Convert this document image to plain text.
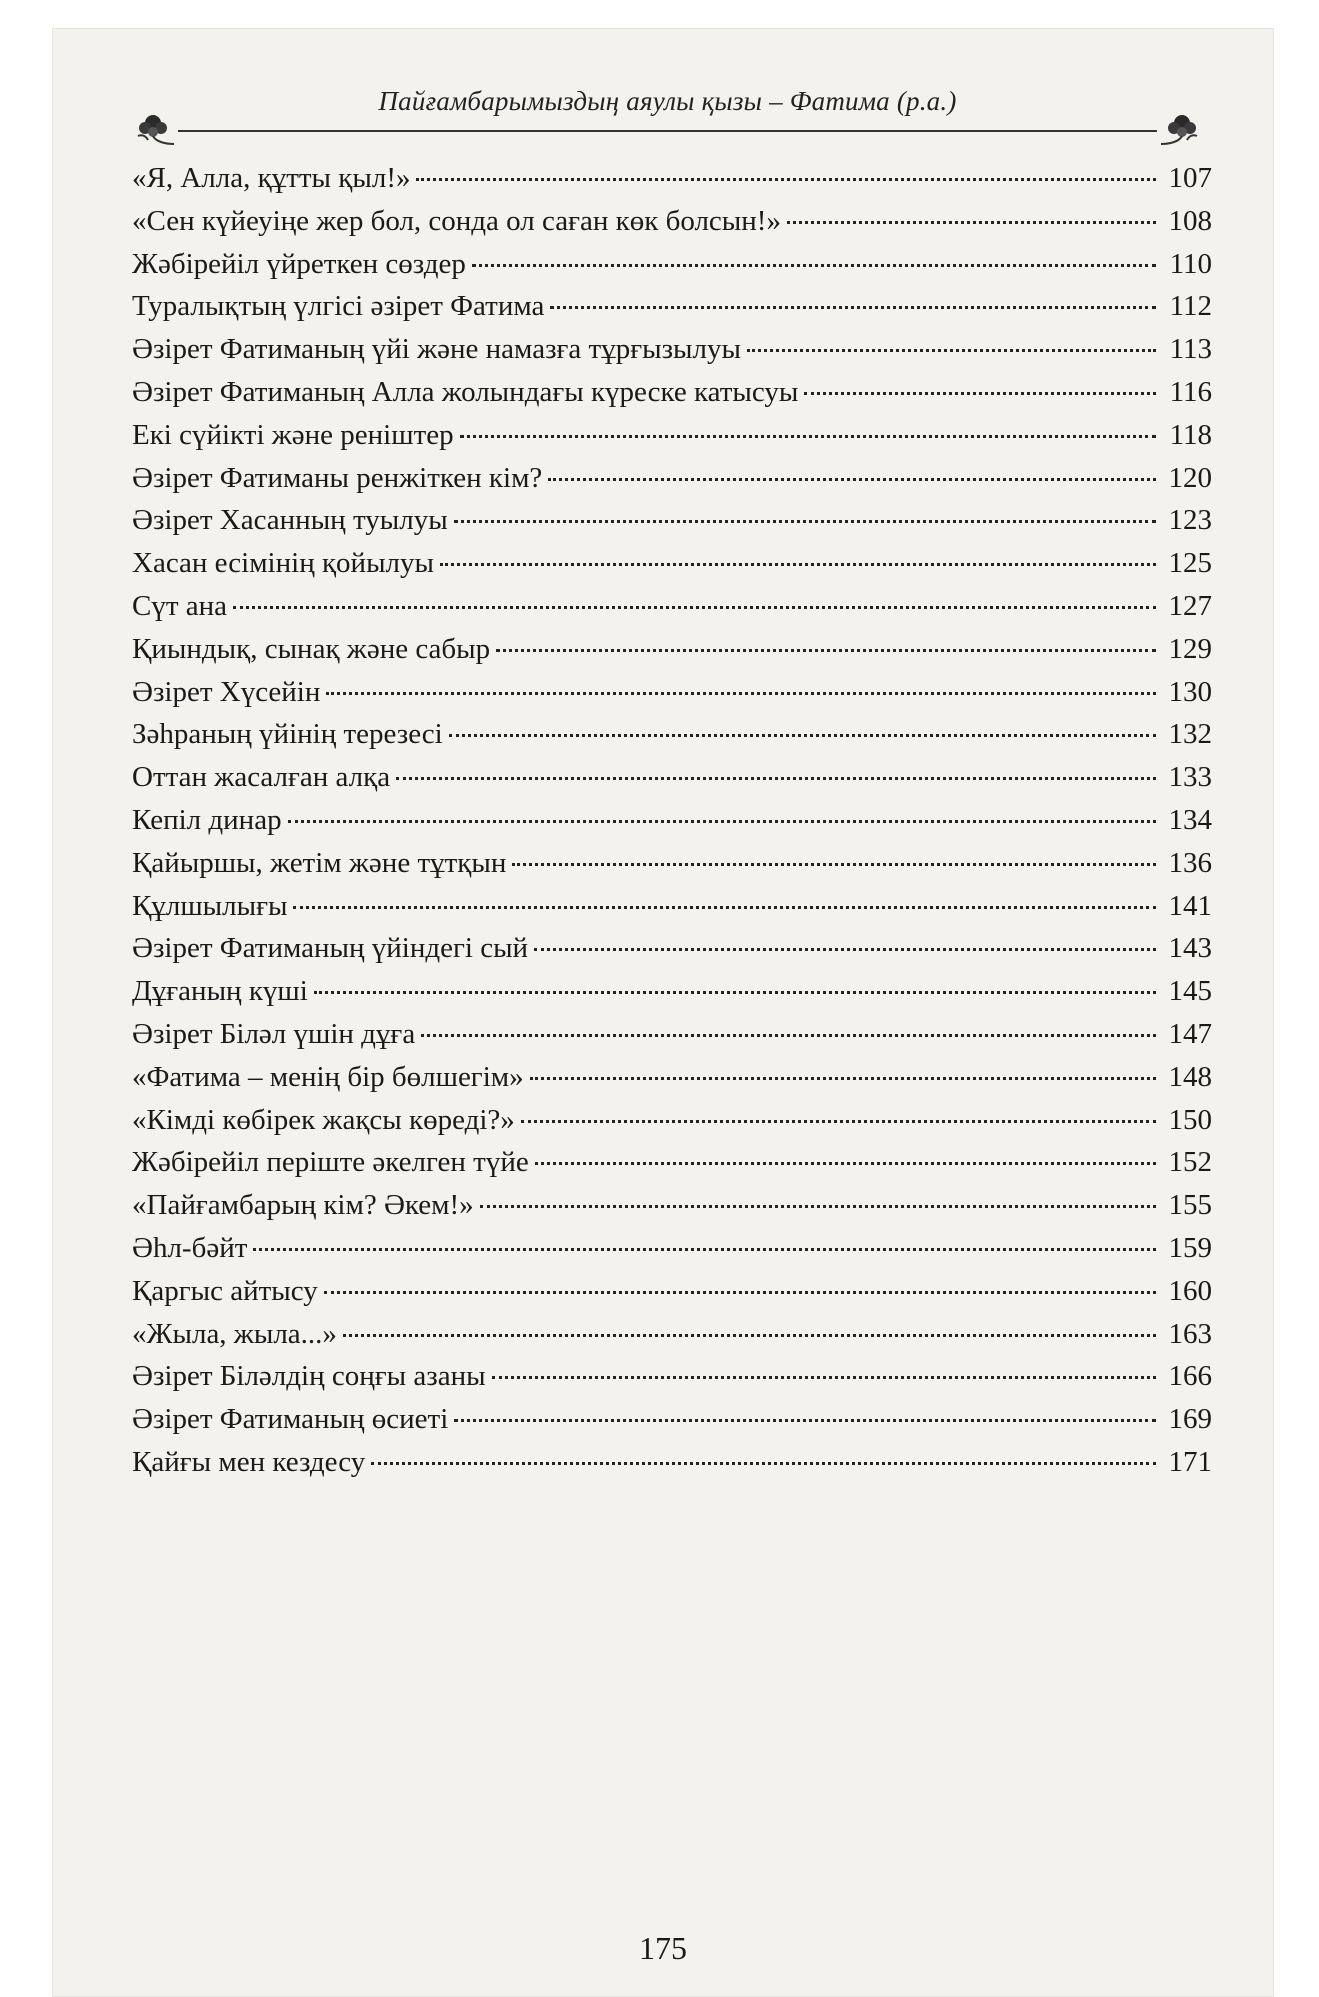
Пайғамбарымыздың аяулы қызы – Фатима (р.а.)
«Я, Алла, құтты қыл!»	107
«Сен күйеуіңе жер бол, сонда ол саған көк болсын!»	108
Жәбірейіл үйреткен сөздер	110
Туралықтың үлгісі әзірет Фатима	112
Әзірет Фатиманың үйі және намазға тұрғызылуы	113
Әзірет Фатиманың Алла жолындағы күреске катысуы	116
Екі сүйікті және реніштер	118
Әзірет Фатиманы ренжіткен кім?	120
Әзірет Хасанның туылуы	123
Хасан есімінің қойылуы	125
Сүт ана	127
Қиындық, сынақ және сабыр	129
Әзірет Хүсейін	130
Зәһраның үйінің терезесі	132
Оттан жасалған алқа	133
Кепіл динар	134
Қайыршы, жетім және тұтқын	136
Құлшылығы	141
Әзірет Фатиманың үйіндегі сый	143
Дұғаның күші	145
Әзірет Біләл үшін дұға	147
«Фатима – менің бір бөлшегім»	148
«Кімді көбірек жақсы көреді?»	150
Жәбірейіл періште әкелген түйе	152
«Пайғамбарың кім? Әкем!»	155
Әһл-бәйт	159
Қаргыс айтысу	160
«Жыла, жыла...»	163
Әзірет Біләлдің соңғы азаны	166
Әзірет Фатиманың өсиеті	169
Қайғы мен кездесу	171
175
